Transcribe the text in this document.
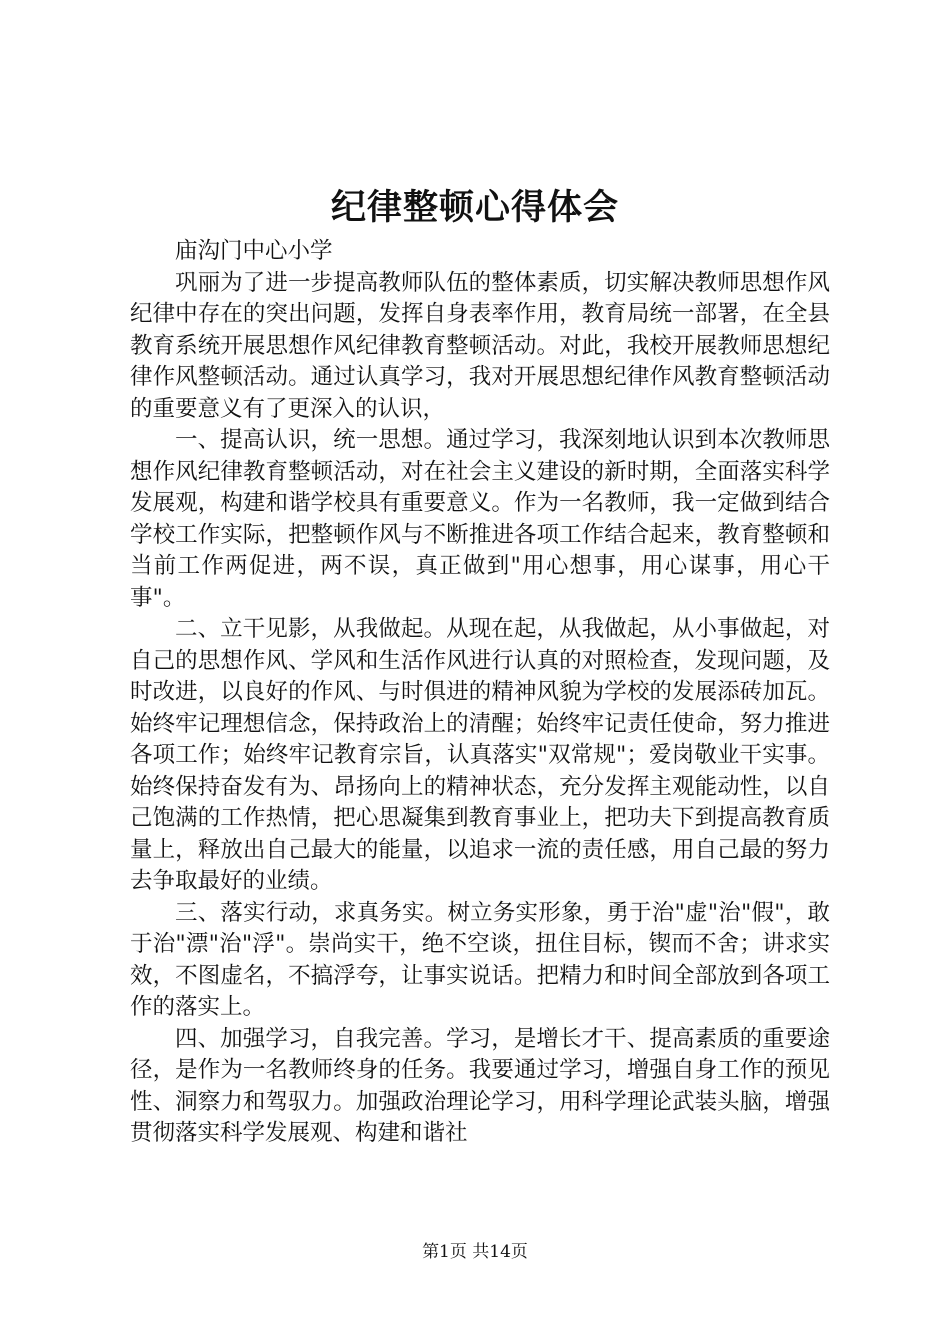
纪律整顿心得体会

庙沟门中心小学

巩丽为了进一步提高教师队伍的整体素质，切实解决教师思想作风纪律中存在的突出问题，发挥自身表率作用，教育局统一部署，在全县教育系统开展思想作风纪律教育整顿活动。对此，我校开展教师思想纪律作风整顿活动。通过认真学习，我对开展思想纪律作风教育整顿活动的重要意义有了更深入的认识，

一、提高认识，统一思想。通过学习，我深刻地认识到本次教师思想作风纪律教育整顿活动，对在社会主义建设的新时期，全面落实科学发展观，构建和谐学校具有重要意义。作为一名教师，我一定做到结合学校工作实际，把整顿作风与不断推进各项工作结合起来，教育整顿和当前工作两促进，两不误，真正做到"用心想事，用心谋事，用心干事"。

二、立干见影，从我做起。从现在起，从我做起，从小事做起，对自己的思想作风、学风和生活作风进行认真的对照检查，发现问题，及时改进，以良好的作风、与时俱进的精神风貌为学校的发展添砖加瓦。始终牢记理想信念，保持政治上的清醒；始终牢记责任使命，努力推进各项工作；始终牢记教育宗旨，认真落实"双常规"；爱岗敬业干实事。始终保持奋发有为、昂扬向上的精神状态，充分发挥主观能动性，以自己饱满的工作热情，把心思凝集到教育事业上，把功夫下到提高教育质量上，释放出自己最大的能量，以追求一流的责任感，用自己最的努力去争取最好的业绩。

三、落实行动，求真务实。树立务实形象，勇于治"虚"治"假"，敢于治"漂"治"浮"。崇尚实干，绝不空谈，扭住目标，锲而不舍；讲求实效，不图虚名，不搞浮夸，让事实说话。把精力和时间全部放到各项工作的落实上。

四、加强学习，自我完善。学习，是增长才干、提高素质的重要途径，是作为一名教师终身的任务。我要通过学习，增强自身工作的预见性、洞察力和驾驭力。加强政治理论学习，用科学理论武装头脑，增强贯彻落实科学发展观、构建和谐社

第1页 共14页
